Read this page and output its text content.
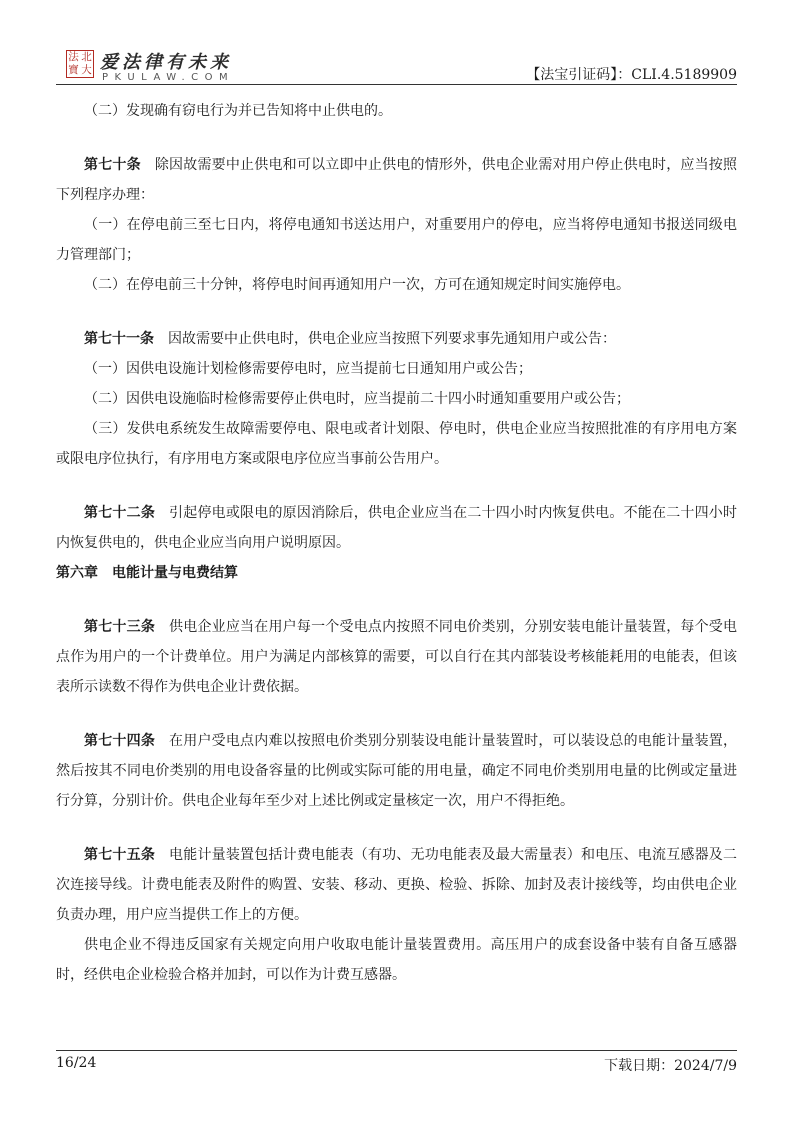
法 北
寶 大 爱法律有未来
PKULAW.COM	【法宝引证码】：CLI.4.5189909

（二）发现确有窃电行为并已告知将中止供电的。

第七十条 除因故需要中止供电和可以立即中止供电的情形外，供电企业需对用户停止供电时，应当按照下列程序办理：

（一）在停电前三至七日内，将停电通知书送达用户，对重要用户的停电，应当将停电通知书报送同级电力管理部门；

（二）在停电前三十分钟，将停电时间再通知用户一次，方可在通知规定时间实施停电。

第七十一条 因故需要中止供电时，供电企业应当按照下列要求事先通知用户或公告：

（一）因供电设施计划检修需要停电时，应当提前七日通知用户或公告；

（二）因供电设施临时检修需要停止供电时，应当提前二十四小时通知重要用户或公告；

（三）发供电系统发生故障需要停电、限电或者计划限、停电时，供电企业应当按照批准的有序用电方案或限电序位执行，有序用电方案或限电序位应当事前公告用户。

第七十二条 引起停电或限电的原因消除后，供电企业应当在二十四小时内恢复供电。不能在二十四小时内恢复供电的，供电企业应当向用户说明原因。

第六章　电能计量与电费结算

第七十三条 供电企业应当在用户每一个受电点内按照不同电价类别，分别安装电能计量装置，每个受电点作为用户的一个计费单位。用户为满足内部核算的需要，可以自行在其内部装设考核能耗用的电能表，但该表所示读数不得作为供电企业计费依据。

第七十四条 在用户受电点内难以按照电价类别分别装设电能计量装置时，可以装设总的电能计量装置，然后按其不同电价类别的用电设备容量的比例或实际可能的用电量，确定不同电价类别用电量的比例或定量进行分算，分别计价。供电企业每年至少对上述比例或定量核定一次，用户不得拒绝。

第七十五条 电能计量装置包括计费电能表（有功、无功电能表及最大需量表）和电压、电流互感器及二次连接导线。计费电能表及附件的购置、安装、移动、更换、检验、拆除、加封及表计接线等，均由供电企业负责办理，用户应当提供工作上的方便。

供电企业不得违反国家有关规定向用户收取电能计量装置费用。高压用户的成套设备中装有自备互感器时，经供电企业检验合格并加封，可以作为计费互感器。

16/24	下载日期：2024/7/9
